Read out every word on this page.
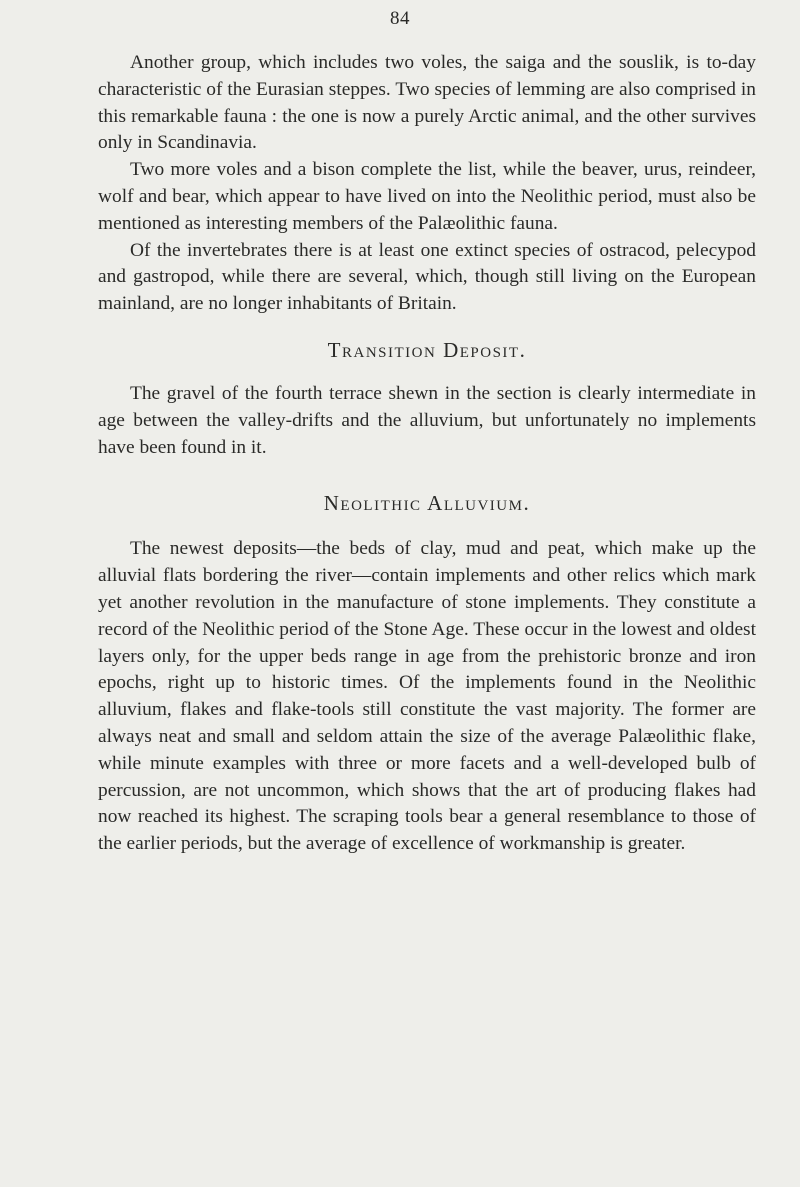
84

Another group, which includes two voles, the saiga and the souslik, is to-day characteristic of the Eurasian steppes. Two species of lemming are also comprised in this remarkable fauna : the one is now a purely Arctic animal, and the other survives only in Scandinavia.

Two more voles and a bison complete the list, while the beaver, urus, reindeer, wolf and bear, which appear to have lived on into the Neolithic period, must also be mentioned as interesting members of the Palæolithic fauna.

Of the invertebrates there is at least one extinct species of ostracod, pelecypod and gastropod, while there are several, which, though still living on the European mainland, are no longer inhabitants of Britain.

Transition Deposit.

The gravel of the fourth terrace shewn in the section is clearly intermediate in age between the valley-drifts and the alluvium, but unfortunately no implements have been found in it.

Neolithic Alluvium.

The newest deposits—the beds of clay, mud and peat, which make up the alluvial flats bordering the river—contain implements and other relics which mark yet another revolution in the manufacture of stone implements. They constitute a record of the Neolithic period of the Stone Age. These occur in the lowest and oldest layers only, for the upper beds range in age from the prehistoric bronze and iron epochs, right up to historic times. Of the implements found in the Neolithic alluvium, flakes and flake-tools still constitute the vast majority. The former are always neat and small and seldom attain the size of the average Palæolithic flake, while minute examples with three or more facets and a well-developed bulb of percussion, are not uncommon, which shows that the art of producing flakes had now reached its highest. The scraping tools bear a general resemblance to those of the earlier periods, but the average of excellence of workmanship is greater.
